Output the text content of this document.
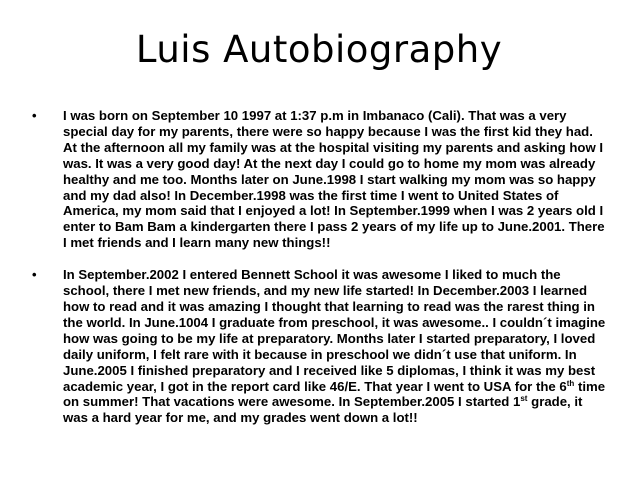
Luis Autobiography
• I was born on September 10 1997 at 1:37 p.m in Imbanaco (Cali). That was a very special day for my parents, there were so happy because I was the first kid they had. At the afternoon all my family was at the hospital visiting my parents and asking how I was. It was a very good day! At the next day I could go to home my mom was already healthy and me too. Months later on June.1998 I start walking my mom was so happy and my dad also! In December.1998 was the first time I went to United States of America, my mom said that I enjoyed a lot! In September.1999 when I was 2 years old I enter to Bam Bam a kindergarten there I pass 2 years of my life up to June.2001. There I met friends and I learn many new things!!
• In September.2002 I entered Bennett School it was awesome I liked to much the school, there I met new friends, and my new life started! In December.2003 I learned how to read and it was amazing I thought that learning to read was the rarest thing in the world. In June.1004 I graduate from preschool, it was awesome.. I couldn´t imagine how was going to be my life at preparatory. Months later I started preparatory, I loved daily uniform, I felt rare with it because in preschool we didn´t use that uniform. In June.2005 I finished preparatory and I received like 5 diplomas, I think it was my best academic year, I got in the report card like 46/E. That year I went to USA for the 6th time on summer! That vacations were awesome. In September.2005 I started 1st grade, it was a hard year for me, and my grades went down a lot!!
